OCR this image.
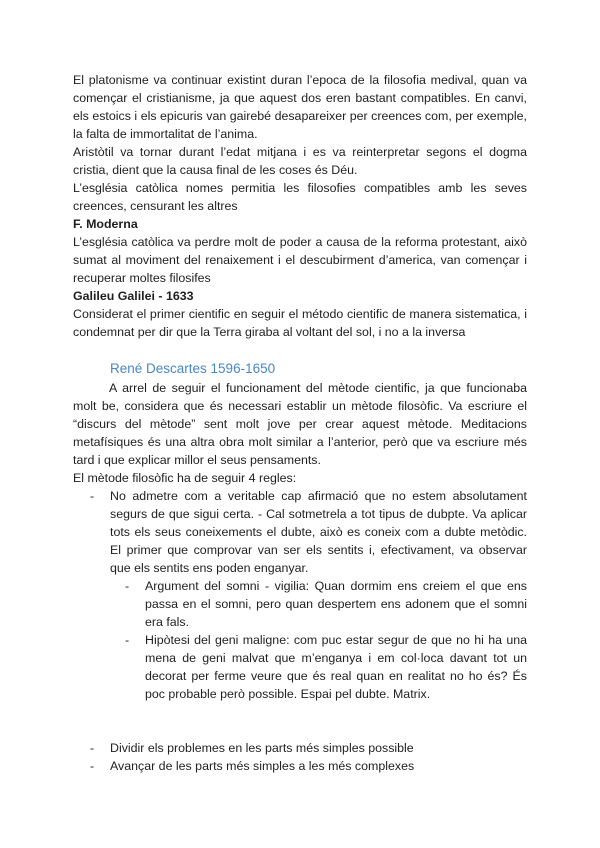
El platonisme va continuar existint duran l’epoca de la filosofia medival, quan va començar el cristianisme, ja que aquest dos eren bastant compatibles. En canvi, els estoics i els epicuris van gairebé desapareixer per creences com, per exemple, la falta de immortalitat de l’anima.

Aristòtil va tornar durant l’edat mitjana i es va reinterpretar segons el dogma cristia, dient que la causa final de les coses és Déu.

L’església catòlica nomes permitia les filosofies compatibles amb les seves creences, censurant les altres

F. Moderna

L’església catòlica va perdre molt de poder a causa de la reforma protestant, això sumat al moviment del renaixement i el descubirment d’america, van començar i recuperar moltes filosifes

Galileu Galilei - 1633

Considerat el primer cientific en seguir el método cientific de manera sistematica, i condemnat per dir que la Terra giraba al voltant del sol, i no a la inversa

René Descartes 1596-1650

A arrel de seguir el funcionament del mètode cientific, ja que funcionaba molt be, considera que és necessari establir un mètode filosòfic. Va escriure el “discurs del mètode” sent molt jove per crear aquest mètode. Meditacions metafísiques és una altra obra molt similar a l’anterior, però que va escriure més tard i que explicar millor el seus pensaments.

El mètode filosòfic ha de seguir 4 regles:

- No admetre com a veritable cap afirmació que no estem absolutament segurs de que sigui certa. - Cal sotmetrela a tot tipus de dubpte. Va aplicar tots els seus coneixements el dubte, això es coneix com a dubte metòdic. El primer que comprovar van ser els sentits i, efectivament, va observar que els sentits ens poden enganyar.
- Argument del somni - vigilia: Quan dormim ens creiem el que ens passa en el somni, pero quan despertem ens adonem que el somni era fals.
- Hipòtesi del geni maligne: com puc estar segur de que no hi ha una mena de geni malvat que m’enganya i em col·loca davant tot un decorat per ferme veure que és real quan en realitat no ho és? És poc probable però possible. Espai pel dubte. Matrix.
- Dividir els problemes en les parts més simples possible
- Avançar de les parts més simples a les més complexes
